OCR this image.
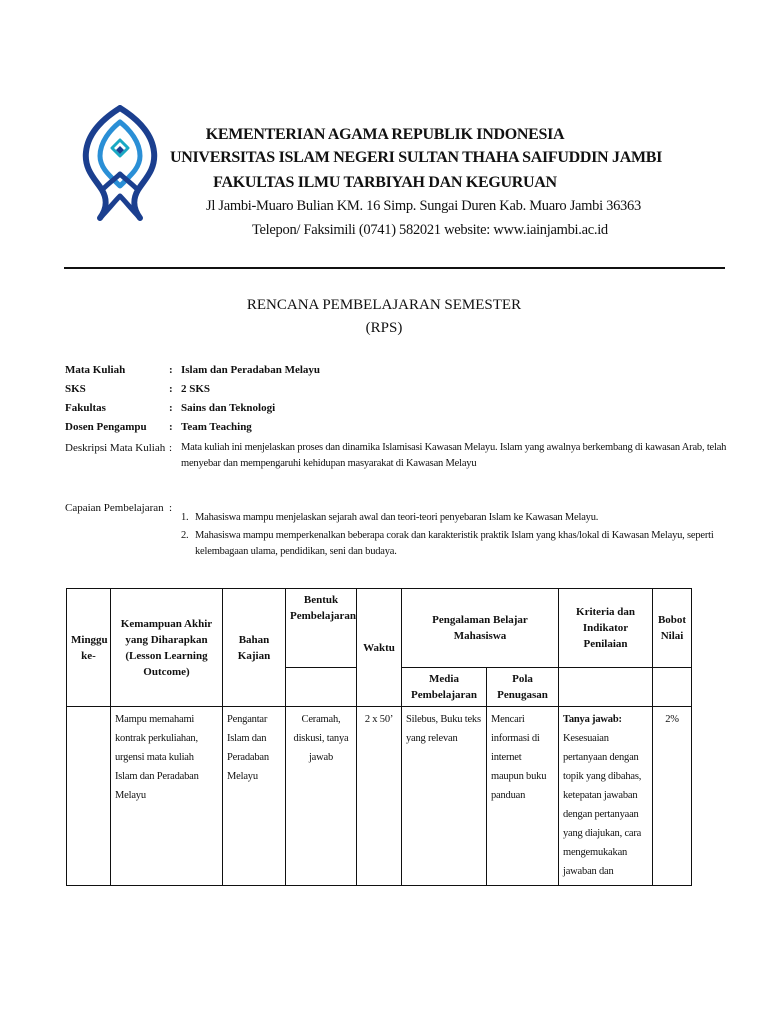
KEMENTERIAN AGAMA REPUBLIK INDONESIA
UNIVERSITAS ISLAM NEGERI SULTAN THAHA SAIFUDDIN JAMBI
FAKULTAS ILMU TARBIYAH DAN KEGURUAN
Jl Jambi-Muaro Bulian KM. 16 Simp. Sungai Duren Kab. Muaro Jambi 36363
Telepon/ Faksimili (0741) 582021 website: www.iainjambi.ac.id
RENCANA PEMBELAJARAN SEMESTER
(RPS)
Mata Kuliah	: Islam dan Peradaban Melayu
SKS	: 2 SKS
Fakultas	: Sains dan Teknologi
Dosen Pengampu	: Team Teaching
Deskripsi Mata Kuliah : Mata kuliah ini menjelaskan proses dan dinamika Islamisasi Kawasan Melayu. Islam yang awalnya berkembang di kawasan Arab, telah menyebar dan mempengaruhi kehidupan masyarakat di Kawasan Melayu
Capaian Pembelajaran :
1. Mahasiswa mampu menjelaskan sejarah awal dan teori-teori penyebaran Islam ke Kawasan Melayu.
2. Mahasiswa mampu memperkenalkan beberapa corak dan karakteristik praktik Islam yang khas/lokal di Kawasan Melayu, seperti kelembagaan ulama, pendidikan, seni dan budaya.
Minggu ke-	Kemampuan Akhir yang Diharapkan (Lesson Learning Outcome)	Bahan Kajian	Bentuk Pembelajaran	Waktu	Pengalaman Belajar Mahasiswa		Kriteria dan Indikator Penilaian	Bobot Nilai
					Media Pembelajaran	Pola Penugasan		
	Mampu memahami kontrak perkuliahan, urgensi mata kuliah Islam dan Peradaban Melayu	Pengantar Islam dan Peradaban Melayu	Ceramah, diskusi, tanya jawab	2 x 50’	Silebus, Buku teks yang relevan	Mencari informasi di internet maupun buku panduan	Tanya jawab:
Kesesuaian pertanyaan dengan topik yang dibahas, ketepatan jawaban dengan pertanyaan yang diajukan, cara mengemukakan jawaban dan	2%
